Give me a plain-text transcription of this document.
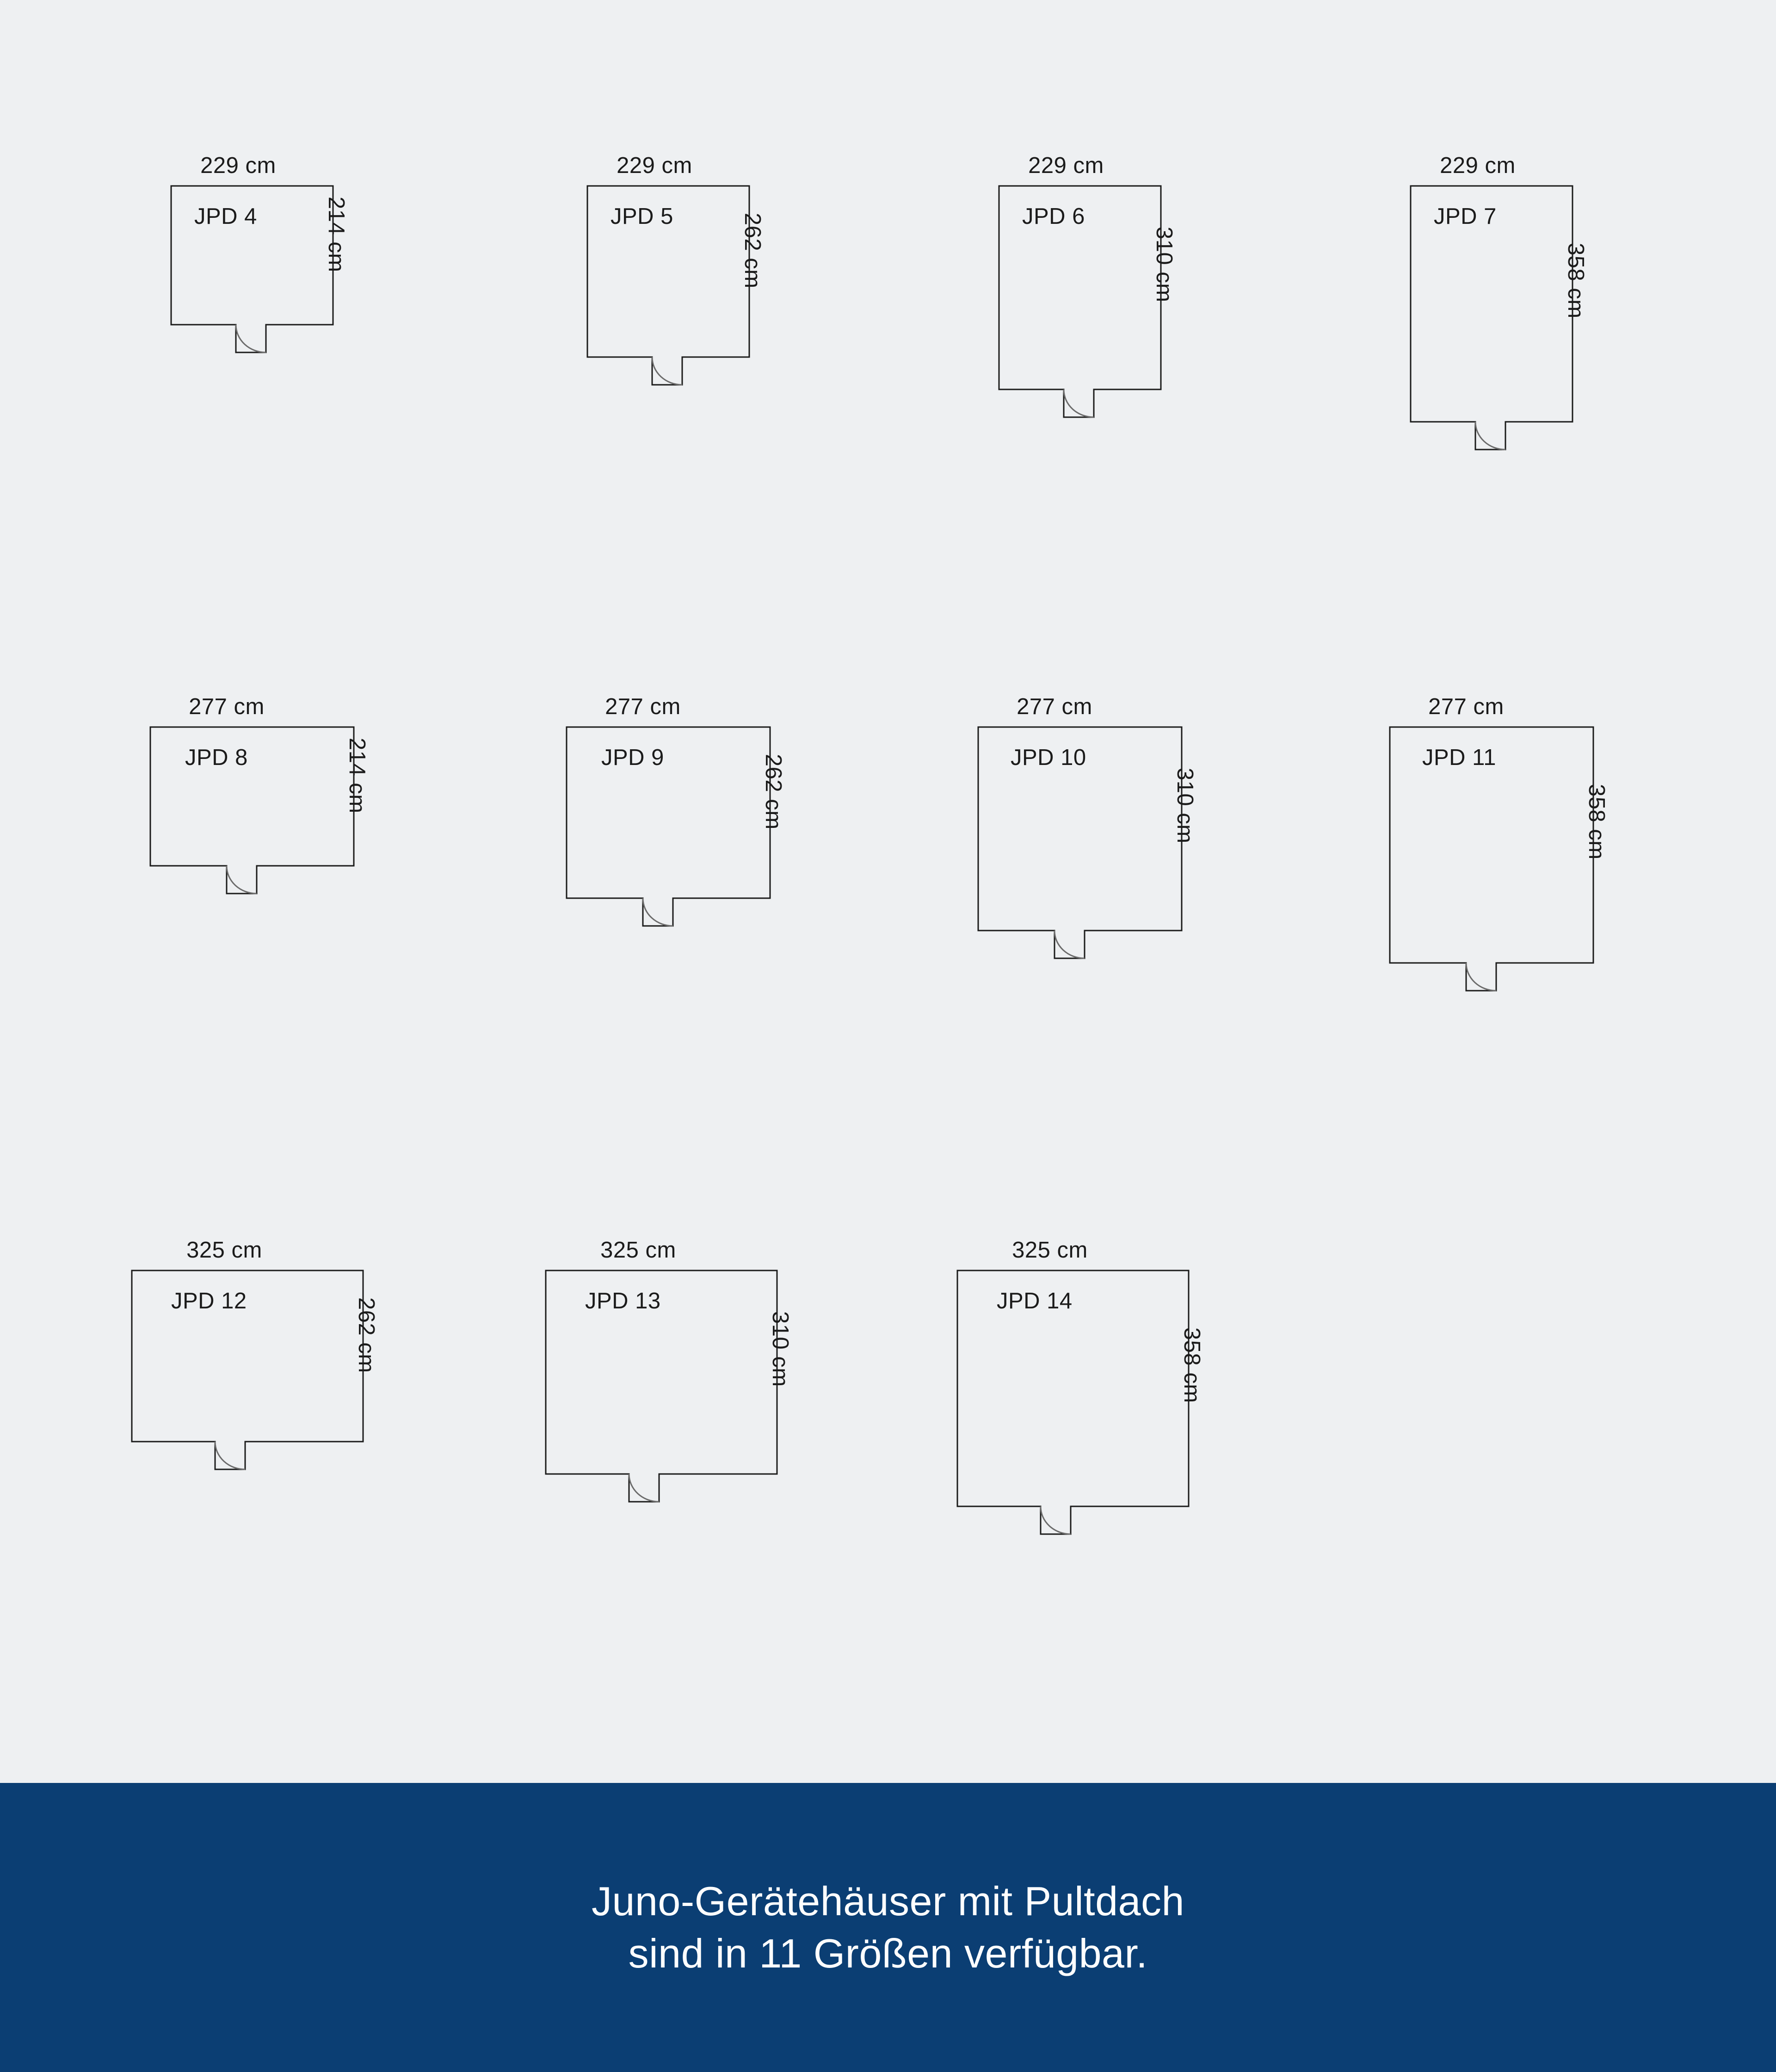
229 cm
JPD 4	214 cm
229 cm
JPD 5	262 cm
229 cm
JPD 6
310 cm
229 cm
JPD 7
358 cm
277 cm
JPD 8	214 cm
277 cm
JPD 9	262 cm
277 cm
JPD 10
310 cm
277 cm
JPD 11
358 cm
325 cm
JPD 12	262 cm
325 cm
JPD 13
310 cm
325 cm
JPD 14
358 cm
Juno-Gerätehäuser mit Pultdach
sind in 11 Größen verfügbar.
